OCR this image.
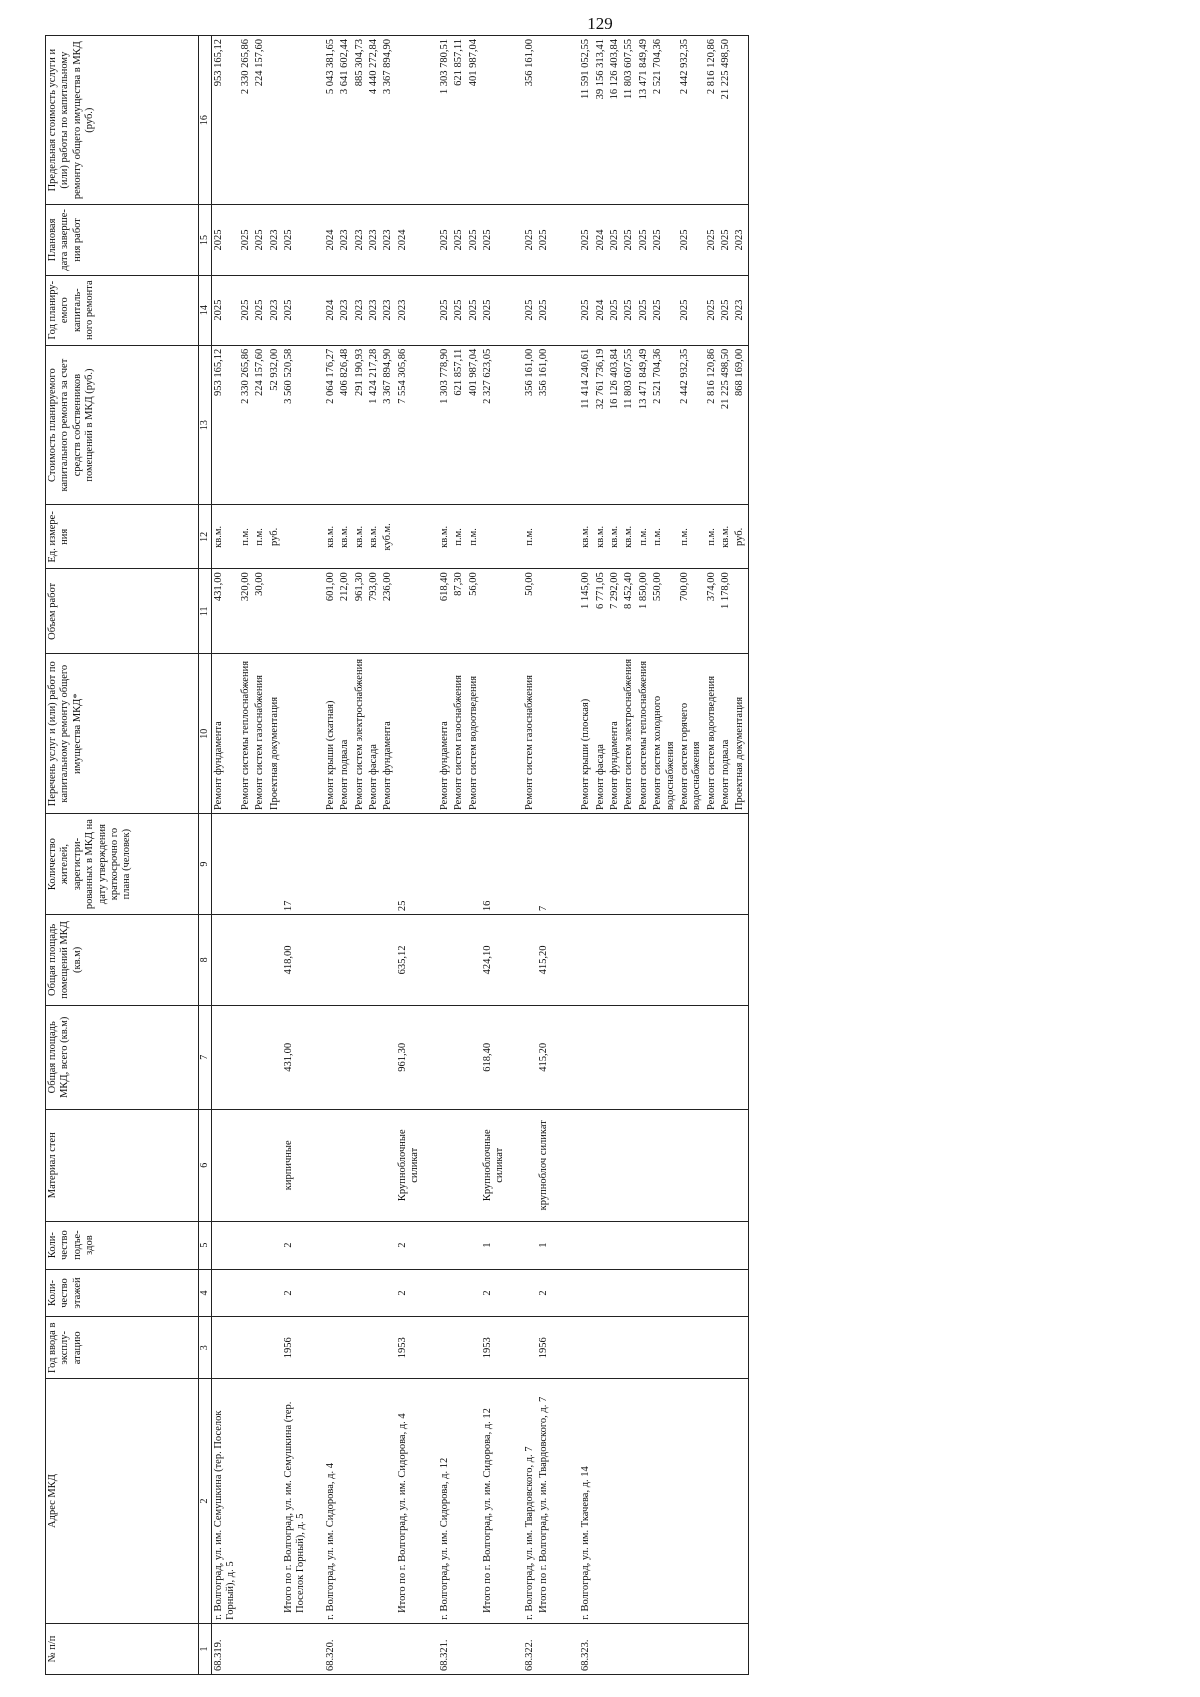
129
№ п/п	Адрес МКД	Год ввода в эксплу-атацию	Коли-чество этажей	Коли-чество подъе-здов	Материал стен	Общая площадь МКД, всего (кв.м)	Общая площадь помещений МКД (кв.м)	Количество жителей, зарегистри-рованных в МКД на дату утверждения краткосрочно го плана (человек)	Перечень услуг и (или) работ по капитальному ремонту общего имущества МКД*	Объем работ	Ед. измере-ния	Стоимость планируемого капитального ремонта за счет средств собственников помещений в МКД (руб.)	Год планиру-емого капиталь-ного ремонта	Плановая дата заверше-ния работ	Предельная стоимость услуги и (или) работы по капитальному ремонту общего имущества в МКД (руб.)
1	2	3	4	5	6	7	8	9	10	11	12	13	14	15	16
68.319.	г. Волгоград, ул. им. Семушкина (тер. Поселок Горный), д. 5								Ремонт фундамента	431,00	кв.м.	953 165,12	2025	2025	953 165,12
									Ремонт системы теплоснабжения	320,00	п.м.	2 330 265,86	2025	2025	2 330 265,86
									Ремонт систем газоснабжения	30,00	п.м.	224 157,60	2025	2025	224 157,60
									Проектная документация		руб.	52 932,00	2023	2023	
	Итого по г. Волгоград, ул. им. Семушкина (тер. Поселок Горный), д. 5	1956	2	2	кирпичные	431,00	418,00	17				3 560 520,58	2025	2025	

68.320.	г. Волгоград, ул. им. Сидорова, д. 4								Ремонт крыши (скатная)	601,00	кв.м.	2 064 176,27	2024	2024	5 043 381,65
									Ремонт подвала	212,00	кв.м.	406 826,48	2023	2023	3 641 602,44
									Ремонт систем электроснабжения	961,30	кв.м.	291 190,93	2023	2023	885 304,73
									Ремонт фасада	793,00	кв.м.	1 424 217,28	2023	2023	4 440 272,84
									Ремонт фундамента	236,00	куб.м.	3 367 894,90	2023	2023	3 367 894,90
	Итого по г. Волгоград, ул. им. Сидорова, д. 4	1953	2	2	Крупноблочные силикат	961,30	635,12	25				7 554 305,86	2023	2024	

68.321.	г. Волгоград, ул. им. Сидорова, д. 12								Ремонт фундамента	618,40	кв.м.	1 303 778,90	2025	2025	1 303 780,51
									Ремонт систем газоснабжения	87,30	п.м.	621 857,11	2025	2025	621 857,11
									Ремонт систем водоотведения	56,00	п.м.	401 987,04	2025	2025	401 987,04
	Итого по г. Волгоград, ул. им. Сидорова, д. 12	1953	2	1	Крупноблочные силикат	618,40	424,10	16				2 327 623,05	2025	2025	

68.322.	г. Волгоград, ул. им. Твардовского, д. 7								Ремонт систем газоснабжения	50,00	п.м.	356 161,00	2025	2025	356 161,00
	Итого по г. Волгоград, ул. им. Твардовского, д. 7	1956	2	1	крупноблоч силикат	415,20	415,20	7				356 161,00	2025	2025	

68.323.	г. Волгоград, ул. им. Ткачева, д. 14								Ремонт крыши (плоская)	1 145,00	кв.м.	11 414 240,61	2025	2025	11 591 052,55
									Ремонт фасада	6 771,05	кв.м.	32 761 736,19	2024	2024	39 156 313,41
									Ремонт фундамента	7 292,00	кв.м.	16 126 403,84	2025	2025	16 126 403,84
									Ремонт систем электроснабжения	8 452,40	кв.м.	11 803 607,55	2025	2025	11 803 607,55
									Ремонт системы теплоснабжения	1 850,00	п.м.	13 471 849,49	2025	2025	13 471 849,49
									Ремонт систем холодного водоснабжения	550,00	п.м.	2 521 704,36	2025	2025	2 521 704,36
									Ремонт систем горячего водоснабжения	700,00	п.м.	2 442 932,35	2025	2025	2 442 932,35
									Ремонт систем водоотведения	374,00	п.м.	2 816 120,86	2025	2025	2 816 120,86
									Ремонт подвала	1 178,00	кв.м.	21 225 498,50	2025	2025	21 225 498,50
									Проектная документация		руб.	868 169,00	2023	2023	
